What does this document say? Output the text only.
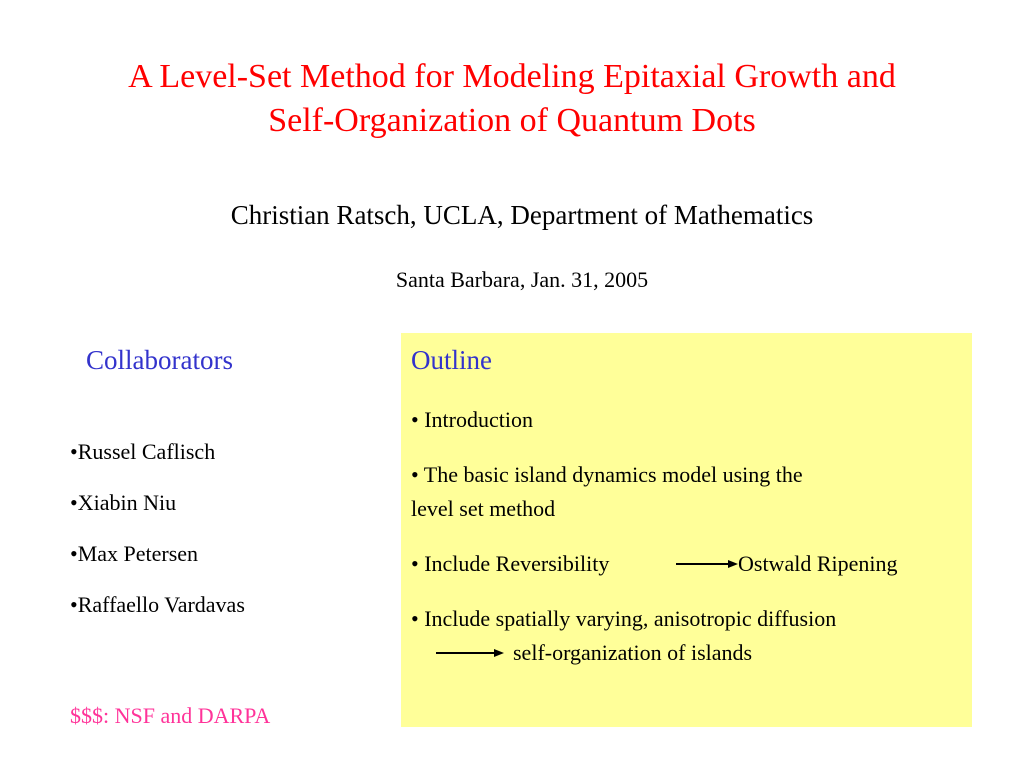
A Level-Set Method for Modeling Epitaxial Growth and
Self-Organization of Quantum Dots
Christian Ratsch, UCLA, Department of Mathematics
Santa Barbara, Jan. 31, 2005
Collaborators
•Russel Caflisch
•Xiabin Niu
•Max Petersen
•Raffaello Vardavas
$$$: NSF and DARPA
Outline
• Introduction
• The basic island dynamics model using the
level set method
• Include Reversibility	Ostwald Ripening
• Include spatially varying, anisotropic diffusion
self-organization of islands
